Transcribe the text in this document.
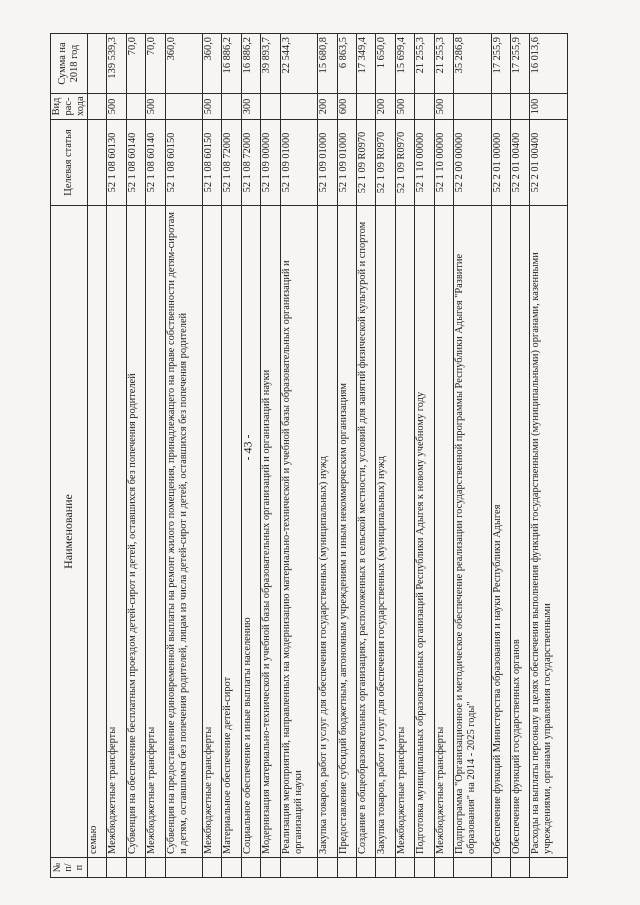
- 43 -
№ п/п	Наименование	Целевая статья	Вид рас- хода	Сумма на 2018 год
	семью			
	Межбюджетные трансферты	52 1 08 60130	500	139 539,3
	Субвенция на обеспечение бесплатным проездом детей-сирот и детей, оставшихся без попечения родителей	52 1 08 60140		70,0
	Межбюджетные трансферты	52 1 08 60140	500	70,0
	Субвенция на предоставление единовременной выплаты на ремонт жилого помещения, принадлежащего на праве собственности детям-сиротам и детям, оставшимся без попечения родителей, лицам из числа детей-сирот и детей, оставшихся без попечения родителей	52 1 08 60150		360,0
	Межбюджетные трансферты	52 1 08 60150	500	360,0
	Материальное обеспечение детей-сирот	52 1 08 72000		16 886,2
	Социальное обеспечение и иные выплаты населению	52 1 08 72000	300	16 886,2
	Модернизация материально-технической и учебной базы образовательных организаций и организаций науки	52 1 09 00000		39 893,7
	Реализация мероприятий, направленных на модернизацию материально-технической и учебной базы образовательных организаций и организаций науки	52 1 09 01000		22 544,3
	Закупка товаров, работ и услуг для обеспечения государственных (муниципальных) нужд	52 1 09 01000	200	15 680,8
	Предоставление субсидий бюджетным, автономным учреждениям и иным некоммерческим организациям	52 1 09 01000	600	6 863,5
	Создание в общеобразовательных организациях, расположенных в сельской местности, условий для занятий физической культурой и спортом	52 1 09 R0970		17 349,4
	Закупка товаров, работ и услуг для обеспечения государственных (муниципальных) нужд	52 1 09 R0970	200	1 650,0
	Межбюджетные трансферты	52 1 09 R0970	500	15 699,4
	Подготовка муниципальных образовательных организаций Республики Адыгея к новому учебному году	52 1 10 00000		21 255,3
	Межбюджетные трансферты	52 1 10 00000	500	21 255,3
	Подпрограмма "Организационное и методическое обеспечение реализации государственной программы Республики Адыгея "Развитие образования" на 2014 - 2025 годы"	52 2 00 00000		35 286,8
	Обеспечение функций Министерства образования и науки Республики Адыгея	52 2 01 00000		17 255,9
	Обеспечение функций государственных органов	52 2 01 00400		17 255,9
	Расходы на выплаты персоналу в целях обеспечения выполнения функций государственными (муниципальными) органами, казенными учреждениями, органами управления государственными	52 2 01 00400	100	16 013,6
